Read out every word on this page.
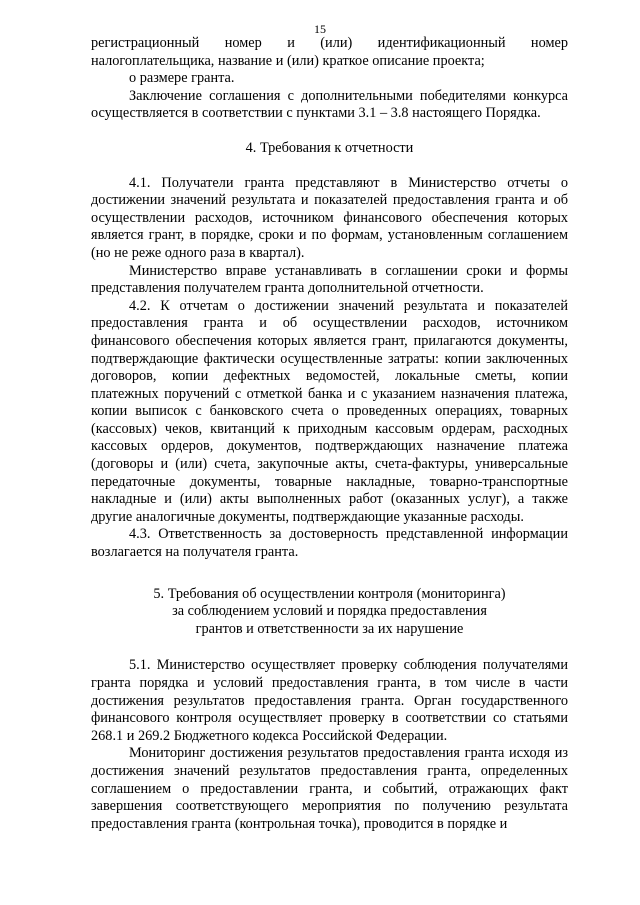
15

регистрационный номер и (или) идентификационный номер налогоплательщика, название и (или) краткое описание проекта;

о размере гранта.

Заключение соглашения с дополнительными победителями конкурса осуществляется в соответствии с пунктами 3.1 – 3.8 настоящего Порядка.

4. Требования к отчетности

4.1. Получатели гранта представляют в Министерство отчеты о достижении значений результата и показателей предоставления гранта и об осуществлении расходов, источником финансового обеспечения которых является грант, в порядке, сроки и по формам, установленным соглашением (но не реже одного раза в квартал).

Министерство вправе устанавливать в соглашении сроки и формы представления получателем гранта дополнительной отчетности.

4.2. К отчетам о достижении значений результата и показателей предоставления гранта и об осуществлении расходов, источником финансового обеспечения которых является грант, прилагаются документы, подтверждающие фактически осуществленные затраты: копии заключенных договоров, копии дефектных ведомостей, локальные сметы, копии платежных поручений с отметкой банка и с указанием назначения платежа, копии выписок с банковского счета о проведенных операциях, товарных (кассовых) чеков, квитанций к приходным кассовым ордерам, расходных кассовых ордеров, документов, подтверждающих назначение платежа (договоры и (или) счета, закупочные акты, счета-фактуры, универсальные передаточные документы, товарные накладные, товарно-транспортные накладные и (или) акты выполненных работ (оказанных услуг), а также другие аналогичные документы, подтверждающие указанные расходы.

4.3. Ответственность за достоверность представленной информации возлагается на получателя гранта.

5. Требования об осуществлении контроля (мониторинга)
за соблюдением условий и порядка предоставления
грантов и ответственности за их нарушение

5.1. Министерство осуществляет проверку соблюдения получателями гранта порядка и условий предоставления гранта, в том числе в части достижения результатов предоставления гранта. Орган государственного финансового контроля осуществляет проверку в соответствии со статьями 268.1 и 269.2 Бюджетного кодекса Российской Федерации.

Мониторинг достижения результатов предоставления гранта исходя из достижения значений результатов предоставления гранта, определенных соглашением о предоставлении гранта, и событий, отражающих факт завершения соответствующего мероприятия по получению результата предоставления гранта (контрольная точка), проводится в порядке и
